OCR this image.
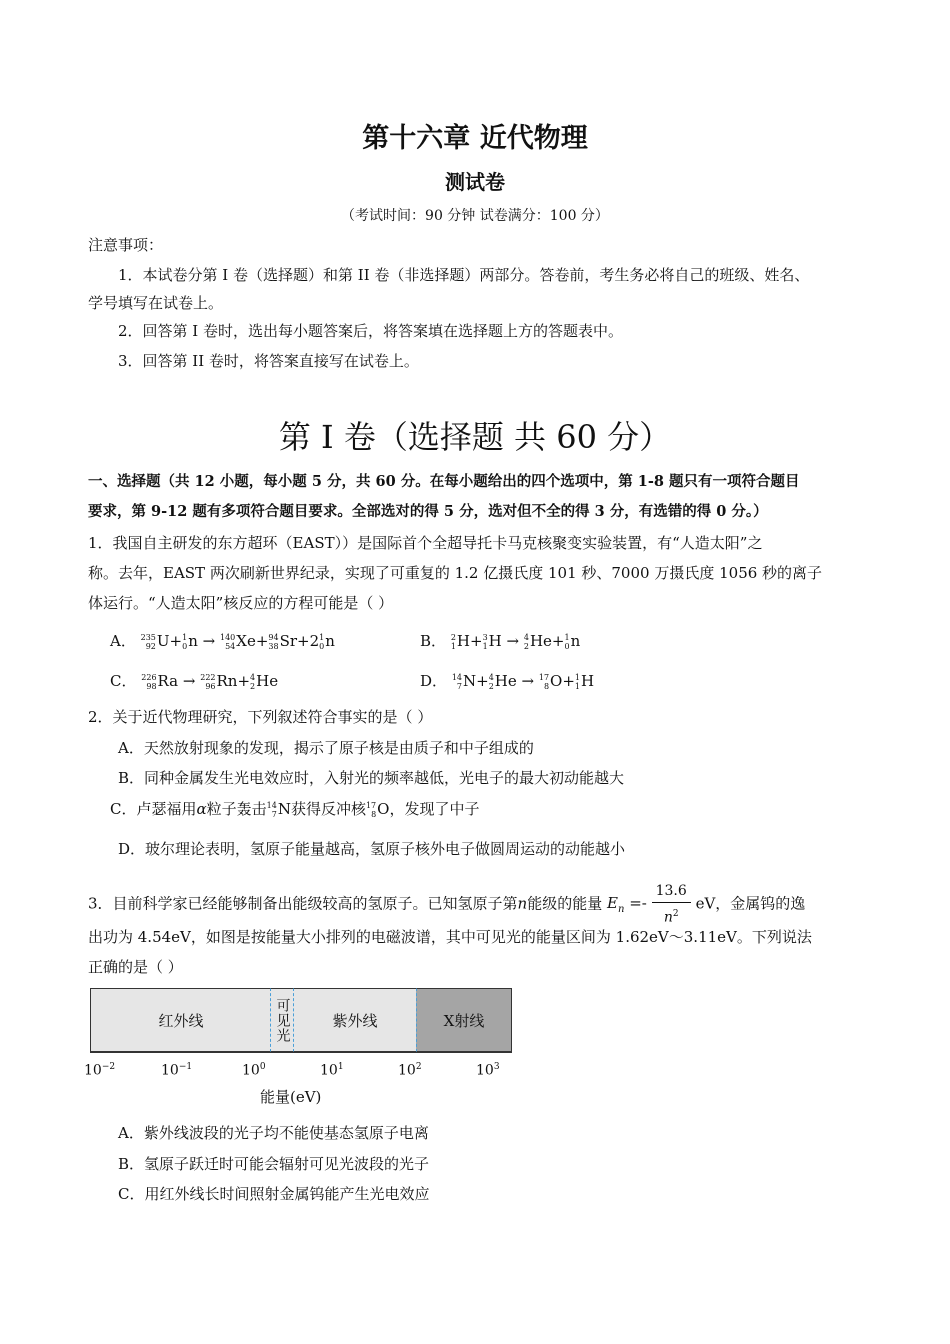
第十六章 近代物理
测试卷
（考试时间：90 分钟 试卷满分：100 分）
注意事项：
1．本试卷分第 I 卷（选择题）和第 II 卷（非选择题）两部分。答卷前，考生务必将自己的班级、姓名、
学号填写在试卷上。
2．回答第 I 卷时，选出每小题答案后，将答案填在选择题上方的答题表中。
3．回答第 II 卷时，将答案直接写在试卷上。
第 I 卷（选择题 共 60 分）
一、选择题（共 12 小题，每小题 5 分，共 60 分。在每小题给出的四个选项中，第 1-8 题只有一项符合题目
要求，第 9-12 题有多项符合题目要求。全部选对的得 5 分，选对但不全的得 3 分，有选错的得 0 分。）
1．我国自主研发的东方超环（EAST））是国际首个全超导托卡马克核聚变实验装置，有“人造太阳”之
称。去年，EAST 两次刷新世界纪录，实现了可重复的 1.2 亿摄氏度 101 秒、7000 万摄氏度 1056 秒的离子
体运行。“人造太阳”核反应的方程可能是（ ）
A． 235
92 U+ 1
0 n → 140
54 Xe+ 94
38 Sr+2 1
0 n	B． 2
1 H+ 3
1 H → 4
2 He+ 1
0 n
C． 226
98 Ra → 222
96 Rn+ 4
2 He	D． 14
7 N+ 4
2 He → 17
8 O+ 1
1 H
2．关于近代物理研究，下列叙述符合事实的是（ ）
A．天然放射现象的发现，揭示了原子核是由质子和中子组成的
B．同种金属发生光电效应时，入射光的频率越低，光电子的最大初动能越大
C．卢瑟福用α粒子轰击 14
7 N获得反冲核 17
8 O，发现了中子
D．玻尔理论表明，氢原子能量越高，氢原子核外电子做圆周运动的动能越小
3．目前科学家已经能够制备出能级较高的氢原子。已知氢原子第n能级的能量 $E_n =- \frac{13.6}{n^2}$ eV，金属钨的逸
出功为 4.54eV，如图是按能量大小排列的电磁波谱，其中可见光的能量区间为 1.62eV～3.11eV。下列说法
正确的是（ ）
红外线	可见光	紫外线	X射线
$10^{-2}$	$10^{-1}$	$10^0$	$10^1$	$10^2$	$10^3$
能量(eV)
A．紫外线波段的光子均不能使基态氢原子电离
B．氢原子跃迁时可能会辐射可见光波段的光子
C．用红外线长时间照射金属钨能产生光电效应
